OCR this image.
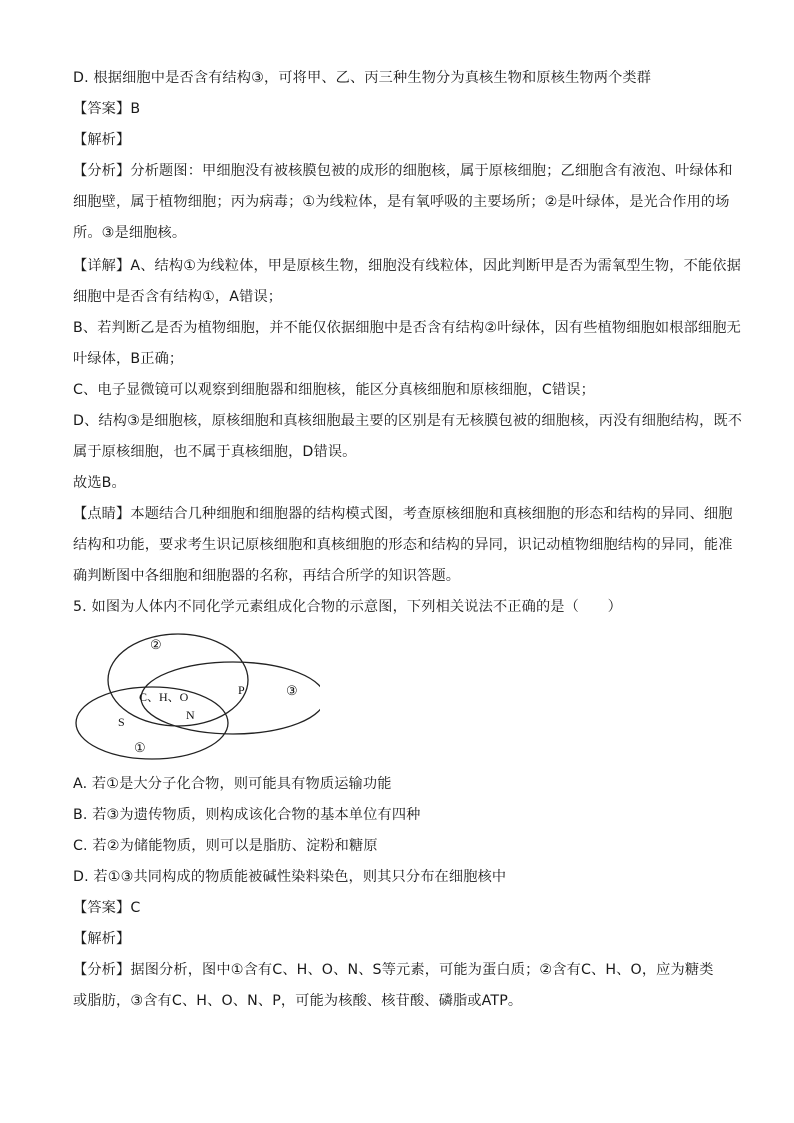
D. 根据细胞中是否含有结构③，可将甲、乙、丙三种生物分为真核生物和原核生物两个类群
【答案】B
【解析】
【分析】分析题图：甲细胞没有被核膜包被的成形的细胞核，属于原核细胞；乙细胞含有液泡、叶绿体和
细胞壁，属于植物细胞；丙为病毒；①为线粒体，是有氧呼吸的主要场所；②是叶绿体，是光合作用的场
所。③是细胞核。
【详解】A、结构①为线粒体，甲是原核生物，细胞没有线粒体，因此判断甲是否为需氧型生物，不能依据
细胞中是否含有结构①，A错误；
B、若判断乙是否为植物细胞，并不能仅依据细胞中是否含有结构②叶绿体，因有些植物细胞如根部细胞无
叶绿体，B正确；
C、电子显微镜可以观察到细胞器和细胞核，能区分真核细胞和原核细胞，C错误；
D、结构③是细胞核，原核细胞和真核细胞最主要的区别是有无核膜包被的细胞核，丙没有细胞结构，既不
属于原核细胞，也不属于真核细胞，D错误。
故选B。
【点睛】本题结合几种细胞和细胞器的结构模式图，考查原核细胞和真核细胞的形态和结构的异同、细胞
结构和功能，要求考生识记原核细胞和真核细胞的形态和结构的异同，识记动植物细胞结构的异同，能准
确判断图中各细胞和细胞器的名称，再结合所学的知识答题。
5. 如图为人体内不同化学元素组成化合物的示意图，下列相关说法不正确的是（　　）
②
③
①
C、H、O
N
P
S
A. 若①是大分子化合物，则可能具有物质运输功能
B. 若③为遗传物质，则构成该化合物的基本单位有四种
C. 若②为储能物质，则可以是脂肪、淀粉和糖原
D. 若①③共同构成的物质能被碱性染料染色，则其只分布在细胞核中
【答案】C
【解析】
【分析】据图分析，图中①含有C、H、O、N、S等元素，可能为蛋白质；②含有C、H、O，应为糖类
或脂肪，③含有C、H、O、N、P，可能为核酸、核苷酸、磷脂或ATP。
